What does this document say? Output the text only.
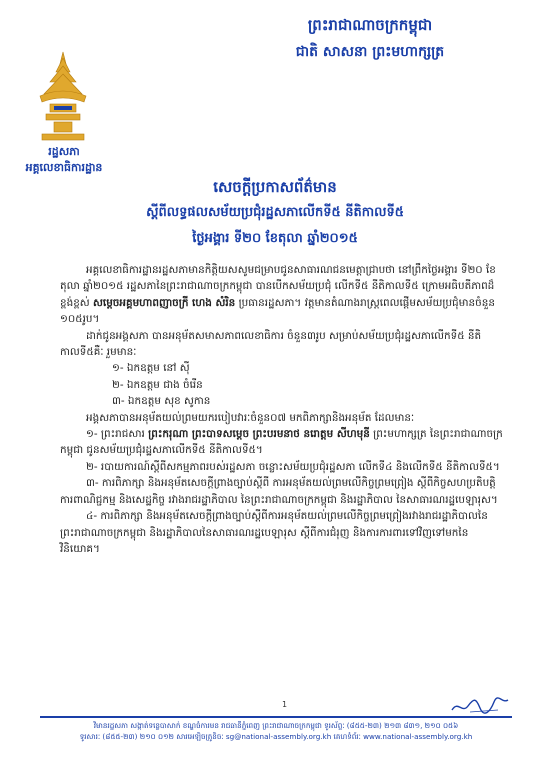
ព្រះរាជាណាចក្រកម្ពុជា
ជាតិ សាសនា ព្រះមហាក្សត្រ
រដ្ឋសភា
អគ្គលេខាធិការដ្ឋាន
សេចក្ដីប្រកាសព័ត៌មាន
ស្ដីពីលទ្ធផលសម័យប្រជុំរដ្ឋសភាលើកទី៥ នីតិកាលទី៥
ថ្ងៃអង្គារ ទី២០ ខែតុលា ឆ្នាំ២០១៥

អគ្គលេខាធិការដ្ឋានរដ្ឋសភាមានកិត្តិយសសូមជម្រាបជូនសាធារណជនមេត្តាជ្រាបថា នៅព្រឹកថ្ងៃអង្គារ ទី២០ ខែតុលា ឆ្នាំ២០១៥ រដ្ឋសភានៃព្រះរាជាណាចក្រកម្ពុជា បានបើកសម័យប្រជុំ លើកទី៥ នីតិកាលទី៥ ក្រោមអធិបតីភាពដ៏ខ្ពង់ខ្ពស់ សម្ដេចអគ្គមហាពញាចក្រី ហេង សំរិន ប្រធានរដ្ឋសភា។ វត្តមានតំណាងរាស្ត្រពេលផ្ដើមសម័យប្រជុំមានចំនួន ១០៥រូប។

ដាក់ជូនអង្គសភា បានអនុម័តសមាសភាពលេខាធិការ ចំនួន៣រូប សម្រាប់សម័យប្រជុំរដ្ឋសភាលើកទី៥ នីតិកាលទី៥គឺៈ រួមមានៈ

១- ឯកឧត្តម នៅ ស៊ី

២- ឯកឧត្តម ជាង ចំរើន

៣- ឯកឧត្តម សុខ សូកាន

អង្គសភាបានអនុម័តយល់ព្រមយករបៀបវារៈចំនួន០៧ មកពិភាក្សានិងអនុម័ត ដែលមានៈ

១- ព្រះរាជសារ ព្រះករុណា ព្រះបាទសម្ដេច ព្រះបរមនាថ នរោត្តម សីហមុនី ព្រះមហាក្សត្រ នៃព្រះរាជាណាចក្រកម្ពុជា ជូនសម័យប្រជុំរដ្ឋសភាលើកទី៥ នីតិកាលទី៥។

២- របាយការណ៍ស្ដីពីសកម្មភាពរបស់រដ្ឋសភា ចន្លោះសម័យប្រជុំរដ្ឋសភា លើកទី៤ និងលើកទី៥ នីតិកាលទី៥។

៣- ការពិភាក្សា និងអនុម័តសេចក្ដីព្រាងច្បាប់ស្ដីពី ការអនុម័តយល់ព្រមលើកិច្ចព្រមព្រៀង ស្ដីពីកិច្ចសហប្រតិបត្តិការពាណិជ្ជកម្ម និងសេដ្ឋកិច្ច រវាងរាជរដ្ឋាភិបាល នៃព្រះរាជាណាចក្រកម្ពុជា និងរដ្ឋាភិបាល នៃសាធារណរដ្ឋបេឡារុស។

៤- ការពិភាក្សា និងអនុម័តសេចក្ដីព្រាងច្បាប់ស្ដីពីការអនុម័តយល់ព្រមលើកិច្ចព្រមព្រៀងរវាងរាជរដ្ឋាភិបាលនៃព្រះរាជាណាចក្រកម្ពុជា និងរដ្ឋាភិបាលនៃសាធារណរដ្ឋបេឡារុស ស្ដីពីការជំរុញ និងការការពារទៅវិញទៅមកនៃវិនិយោគ។

1
វិមានរដ្ឋសភា សង្កាត់ទន្លេបាសាក់ ខណ្ឌចំការមន រាជធានីភ្នំពេញ ព្រះរាជាណាចក្រកម្ពុជា ទូរស័ព្ទៈ (៨៥៥-២៣) ២១៣ ៨៣១, ២១០ ០៥៦
ទូរសារៈ (៨៥៥-២៣) ២១០ ០១២ សារអេឡិចត្រូនិចៈ sg@national-assembly.org.kh គេហទំព័រៈ www.national-assembly.org.kh
